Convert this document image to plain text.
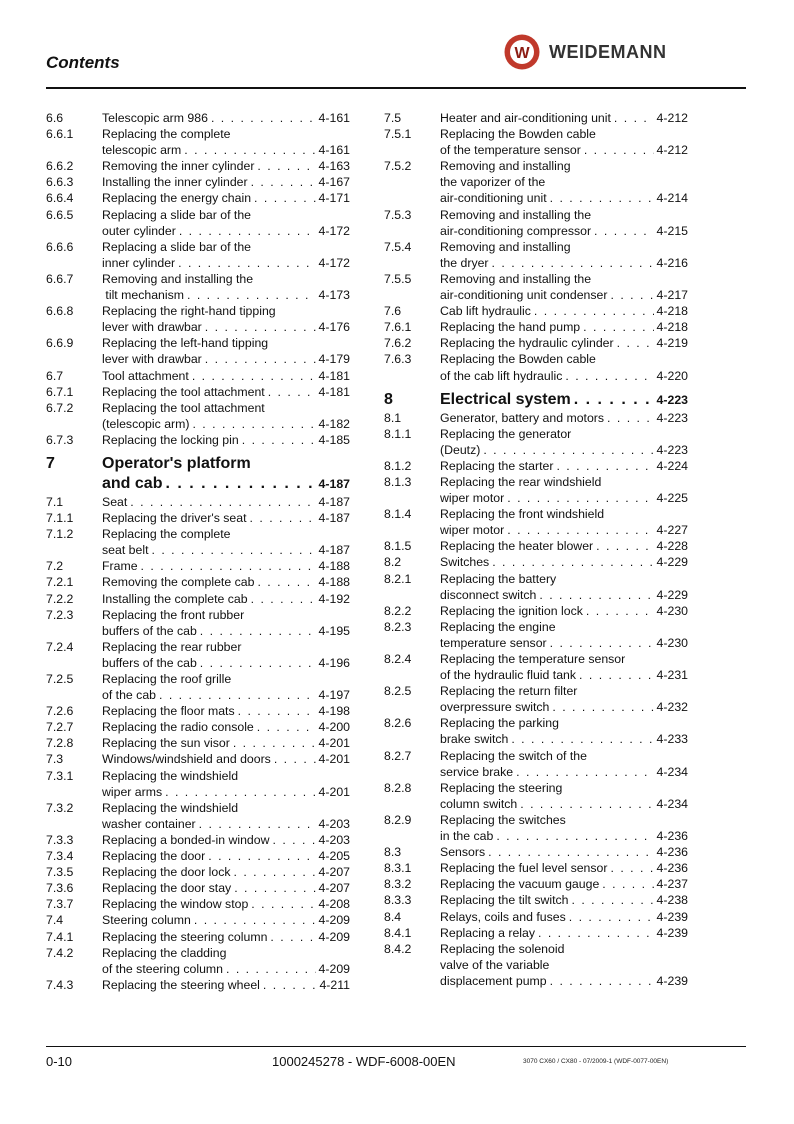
Contents	W WEIDEMANN
6.6	Telescopic arm 986 . . .	4-161
6.6.1 Replacing the complete
telescopic arm . . .	4-161
6.6.2 Removing the inner cylinder . . .	4-163
6.6.3 Installing the inner cylinder . . .	4-167
6.6.4 Replacing the energy chain . . .	4-171
6.6.5 Replacing a slide bar of the
outer cylinder . . .	4-172
6.6.6 Replacing a slide bar of the
inner cylinder . . .	4-172
6.6.7 Removing and installing the
tilt mechanism . . .	4-173
6.6.8 Replacing the right-hand tipping
lever with drawbar . . .	4-176
6.6.9 Replacing the left-hand tipping
lever with drawbar . . .	4-179
6.7	Tool attachment . . .	4-181
6.7.1 Replacing the tool attachment . . .	4-181
6.7.2 Replacing the tool attachment
(telescopic arm) . . .	4-182
6.7.3 Replacing the locking pin . . .	4-185
7	Operator's platform
and cab . . .	4-187
7.1	Seat . . .	4-187
7.1.1 Replacing the driver's seat . . .	4-187
7.1.2 Replacing the complete
seat belt . . .	4-187
7.2	Frame . . .	4-188
7.2.1 Removing the complete cab . . .	4-188
7.2.2 Installing the complete cab . . .	4-192
7.2.3 Replacing the front rubber
buffers of the cab . . .	4-195
7.2.4 Replacing the rear rubber
buffers of the cab . . .	4-196
7.2.5 Replacing the roof grille
of the cab . . .	4-197
7.2.6 Replacing the floor mats . . .	4-198
7.2.7 Replacing the radio console . . .	4-200
7.2.8 Replacing the sun visor . . .	4-201
7.3	Windows/windshield and doors . . .	4-201
7.3.1 Replacing the windshield
wiper arms . . .	4-201
7.3.2 Replacing the windshield
washer container . . .	4-203
7.3.3 Replacing a bonded-in window . . .	4-203
7.3.4 Replacing the door . . .	4-205
7.3.5 Replacing the door lock . . .	4-207
7.3.6 Replacing the door stay . . .	4-207
7.3.7 Replacing the window stop . . .	4-208
7.4	Steering column . . .	4-209
7.4.1 Replacing the steering column . . .	4-209
7.4.2 Replacing the cladding
of the steering column . . .	4-209
7.4.3 Replacing the steering wheel . . .	4-211
7.5	Heater and air-conditioning unit . . .	4-212
7.5.1 Replacing the Bowden cable
of the temperature sensor . . .	4-212
7.5.2 Removing and installing
the vaporizer of the
air-conditioning unit . . .	4-214
7.5.3 Removing and installing the
air-conditioning compressor . . .	4-215
7.5.4 Removing and installing
the dryer . . .	4-216
7.5.5 Removing and installing the
air-conditioning unit condenser . . .	4-217
7.6	Cab lift hydraulic . . .	4-218
7.6.1 Replacing the hand pump . . .	4-218
7.6.2 Replacing the hydraulic cylinder . . .	4-219
7.6.3 Replacing the Bowden cable
of the cab lift hydraulic . . .	4-220
8	Electrical system . . .	4-223
8.1	Generator, battery and motors . . .	4-223
8.1.1 Replacing the generator
(Deutz) . . .	4-223
8.1.2 Replacing the starter . . .	4-224
8.1.3 Replacing the rear windshield
wiper motor . . .	4-225
8.1.4 Replacing the front windshield
wiper motor . . .	4-227
8.1.5 Replacing the heater blower . . .	4-228
8.2	Switches . . .	4-229
8.2.1 Replacing the battery
disconnect switch . . .	4-229
8.2.2 Replacing the ignition lock . . .	4-230
8.2.3 Replacing the engine
temperature sensor . . .	4-230
8.2.4 Replacing the temperature sensor
of the hydraulic fluid tank . . .	4-231
8.2.5 Replacing the return filter
overpressure switch . . .	4-232
8.2.6 Replacing the parking
brake switch . . .	4-233
8.2.7 Replacing the switch of the
service brake . . .	4-234
8.2.8 Replacing the steering
column switch . . .	4-234
8.2.9 Replacing the switches
in the cab . . .	4-236
8.3	Sensors . . .	4-236
8.3.1 Replacing the fuel level sensor . . .	4-236
8.3.2 Replacing the vacuum gauge . . .	4-237
8.3.3 Replacing the tilt switch . . .	4-238
8.4	Relays, coils and fuses . . .	4-239
8.4.1 Replacing a relay . . .	4-239
8.4.2 Replacing the solenoid
valve of the variable
displacement pump . . .	4-239
0-10	1000245278 - WDF-6008-00EN	3070 CX60 / CX80 - 07/2009-1 (WDF-0077-00EN)
